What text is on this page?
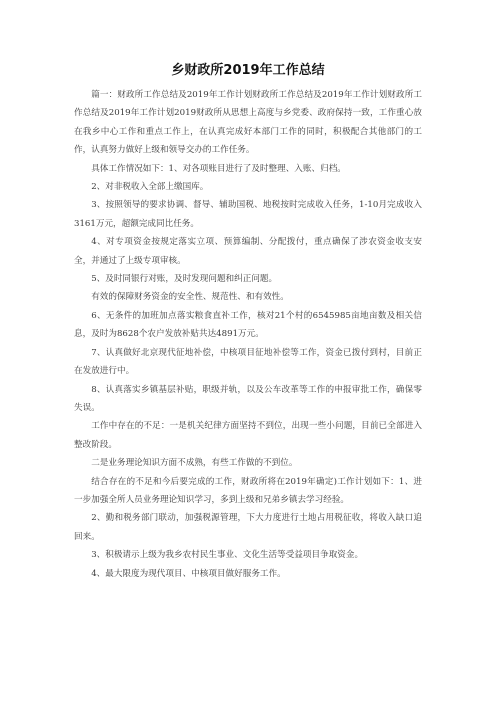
乡财政所2019年工作总结

篇一：财政所工作总结及2019年工作计划财政所工作总结及2019年工作计划财政所工作总结及2019年工作计划2019财政所从思想上高度与乡党委、政府保持一致，工作重心放在我乡中心工作和重点工作上，在认真完成好本部门工作的同时，积极配合其他部门的工作，认真努力做好上级和领导交办的工作任务。

具体工作情况如下：1、对各项账目进行了及时整理、入账、归档。

2、对非税收入全部上缴国库。

3、按照领导的要求协调、督导、辅助国税、地税按时完成收入任务，1-10月完成收入3161万元，超额完成同比任务。

4、对专项资金按规定落实立项、预算编制、分配拨付，重点确保了涉农资金收支安全，并通过了上级专项审核。

5、及时同银行对账，及时发现问题和纠正问题。

有效的保障财务资金的安全性、规范性、和有效性。

6、无条件的加班加点落实粮食直补工作，核对21个村的6545985亩地亩数及相关信息，及时为8628个农户发放补贴共达4891万元。

7、认真做好北京现代征地补偿，中核项目征地补偿等工作，资金已拨付到村，目前正在发放进行中。

8、认真落实乡镇基层补贴，职级并轨，以及公车改革等工作的申报审批工作，确保零失误。

工作中存在的不足：一是机关纪律方面坚持不到位，出现一些小问题，目前已全部进入整改阶段。

二是业务理论知识方面不成熟，有些工作做的不到位。

结合存在的不足和今后要完成的工作，财政所将在2019年确定)工作计划如下：1、进一步加强全所人员业务理论知识学习，多到上级和兄弟乡镇去学习经验。

2、勤和税务部门联动，加强税源管理，下大力度进行土地占用税征收，将收入缺口追回来。

3、积极请示上级为我乡农村民生事业、文化生活等受益项目争取资金。

4、最大限度为现代项目、中核项目做好服务工作。
